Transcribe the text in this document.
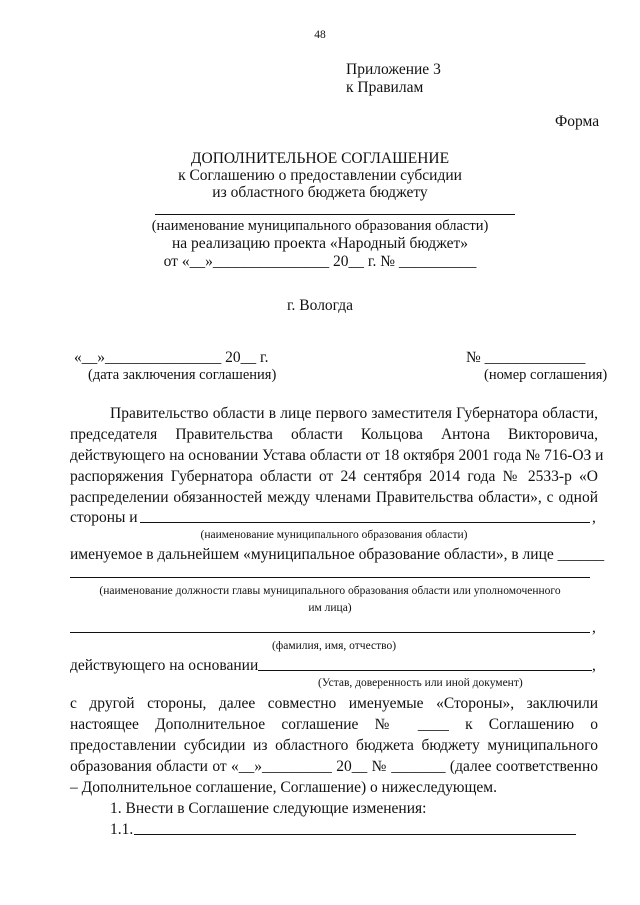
48
Приложение 3
к Правилам
Форма
ДОПОЛНИТЕЛЬНОЕ СОГЛАШЕНИЕ
к Соглашению о предоставлении субсидии
из областного бюджета бюджету
(наименование муниципального образования области)
на реализацию проекта «Народный бюджет»
от «__»_______________ 20__ г. № __________
г. Вологда
«__»_______________ 20__ г.
(дата заключения соглашения)
№ _____________
(номер соглашения)
Правительство области в лице первого заместителя Губернатора области,
председателя Правительства области Кольцова Антона Викторовича,
действующего на основании Устава области от 18 октября 2001 года № 716-ОЗ и
распоряжения Губернатора области от 24 сентября 2014 года № 2533-р «О
распределении обязанностей между членами Правительства области», с одной
стороны и	,
(наименование муниципального образования области)
именуемое в дальнейшем «муниципальное образование области», в лице ______
(наименование должности главы муниципального образования области или уполномоченного
им лица)
,
(фамилия, имя, отчество)
действующего на основании	,
(Устав, доверенность или иной документ)
с другой стороны, далее совместно именуемые «Стороны», заключили
настоящее Дополнительное соглашение № ____ к Соглашению о
предоставлении субсидии из областного бюджета бюджету муниципального
образования области от «__»_________ 20__ № _______ (далее соответственно
– Дополнительное соглашение, Соглашение) о нижеследующем.
1. Внести в Соглашение следующие изменения:
1.1.
